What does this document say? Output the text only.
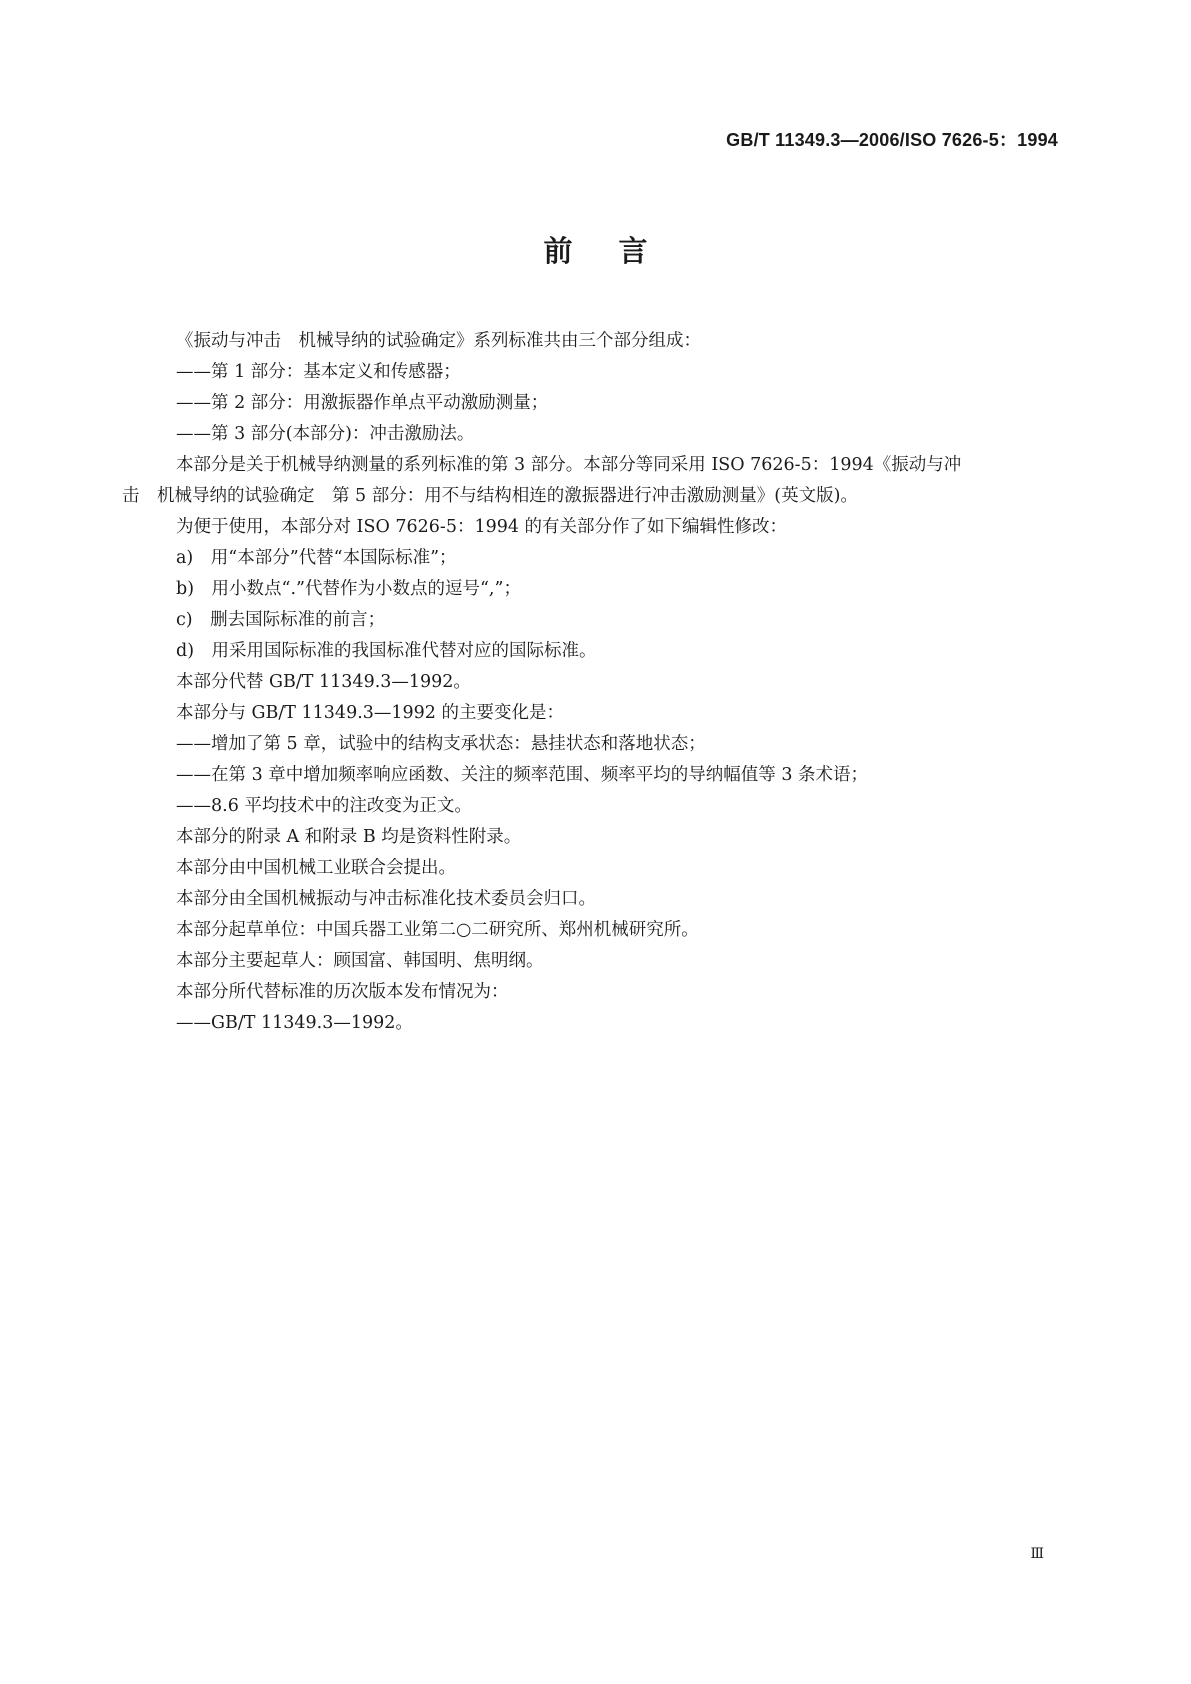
GB/T 11349.3—2006/ISO 7626-5：1994
前言

《振动与冲击　机械导纳的试验确定》系列标准共由三个部分组成：

——第 1 部分：基本定义和传感器；

——第 2 部分：用激振器作单点平动激励测量；

——第 3 部分(本部分)：冲击激励法。

本部分是关于机械导纳测量的系列标准的第 3 部分。本部分等同采用 ISO 7626-5：1994《振动与冲
击　机械导纳的试验确定　第 5 部分：用不与结构相连的激振器进行冲击激励测量》(英文版)。

为便于使用，本部分对 ISO 7626-5：1994 的有关部分作了如下编辑性修改：

a)　用“本部分”代替“本国际标准”；

b)　用小数点“.”代替作为小数点的逗号“,”；

c)　删去国际标准的前言；

d)　用采用国际标准的我国标准代替对应的国际标准。

本部分代替 GB/T 11349.3—1992。

本部分与 GB/T 11349.3—1992 的主要变化是：

——增加了第 5 章，试验中的结构支承状态：悬挂状态和落地状态；

——在第 3 章中增加频率响应函数、关注的频率范围、频率平均的导纳幅值等 3 条术语；

——8.6 平均技术中的注改变为正文。

本部分的附录 A 和附录 B 均是资料性附录。

本部分由中国机械工业联合会提出。

本部分由全国机械振动与冲击标准化技术委员会归口。

本部分起草单位：中国兵器工业第二○二研究所、郑州机械研究所。

本部分主要起草人：顾国富、韩国明、焦明纲。

本部分所代替标准的历次版本发布情况为：

——GB/T 11349.3—1992。

Ⅲ
